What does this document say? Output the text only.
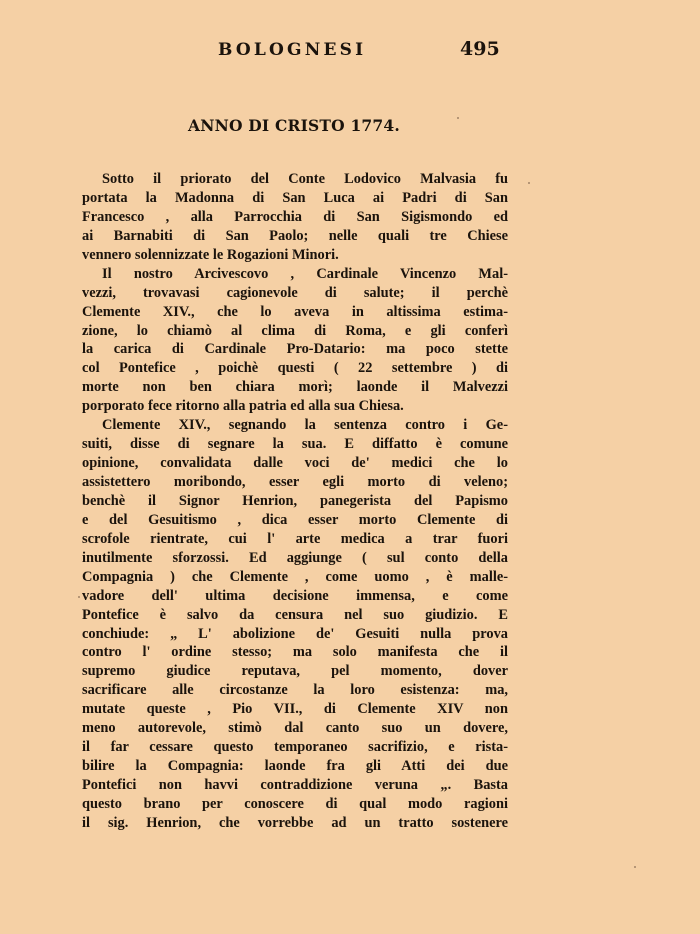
BOLOGNESI	495
ANNO DI CRISTO 1774.
Sotto il priorato del Conte Lodovico Malvasia fu
portata la Madonna di San Luca ai Padri di San
Francesco , alla Parrocchia di San Sigismondo ed
ai Barnabiti di San Paolo; nelle quali tre Chiese
vennero solennizzate le Rogazioni Minori.
Il nostro Arcivescovo , Cardinale Vincenzo Mal-
vezzi, trovavasi cagionevole di salute; il perchè
Clemente XIV., che lo aveva in altissima estima-
zione, lo chiamò al clima di Roma, e gli conferì
la carica di Cardinale Pro-Datario: ma poco stette
col Pontefice , poichè questi ( 22 settembre ) di
morte non ben chiara morì; laonde il Malvezzi
porporato fece ritorno alla patria ed alla sua Chiesa.
Clemente XIV., segnando la sentenza contro i Ge-
suiti, disse di segnare la sua. E diffatto è comune
opinione, convalidata dalle voci de' medici che lo
assistettero moribondo, esser egli morto di veleno;
benchè il Signor Henrion, panegerista del Papismo
e del Gesuitismo , dica esser morto Clemente di
scrofole rientrate, cui l' arte medica a trar fuori
inutilmente sforzossi. Ed aggiunge ( sul conto della
Compagnia ) che Clemente , come uomo , è malle-
vadore dell' ultima decisione immensa, e come
Pontefice è salvo da censura nel suo giudizio. E
conchiude: „ L' abolizione de' Gesuiti nulla prova
contro l' ordine stesso; ma solo manifesta che il
supremo giudice reputava, pel momento, dover
sacrificare alle circostanze la loro esistenza: ma,
mutate queste , Pio VII., di Clemente XIV non
meno autorevole, stimò dal canto suo un dovere,
il far cessare questo temporaneo sacrifizio, e rista-
bilire la Compagnia: laonde fra gli Atti dei due
Pontefici non havvi contraddizione veruna „. Basta
questo brano per conoscere di qual modo ragioni
il sig. Henrion, che vorrebbe ad un tratto sostenere
